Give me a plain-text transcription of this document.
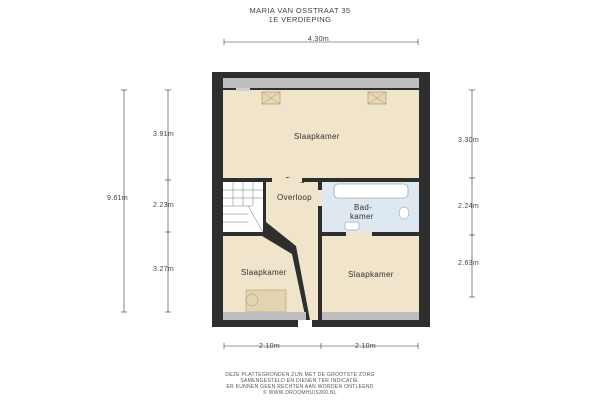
MARIA VAN OSSTRAAT 35
1E VERDIEPING
4.30m
9.61m
3.91m
2.23m
3.27m
3.30m
2.24m
2.63m
2.10m	2.10m
Slaapkamer
Overloop
Bad-
kamer
Slaapkamer	Slaapkamer
DEZE PLATTEGRONDEN ZIJN MET DE GROOTSTE ZORG
SAMENGESTELD EN DIENEN TER INDICATIE.
ER KUNNEN GEEN RECHTEN AAN WORDEN ONTLEEND
© WWW.DROOMHUIS360.NL
